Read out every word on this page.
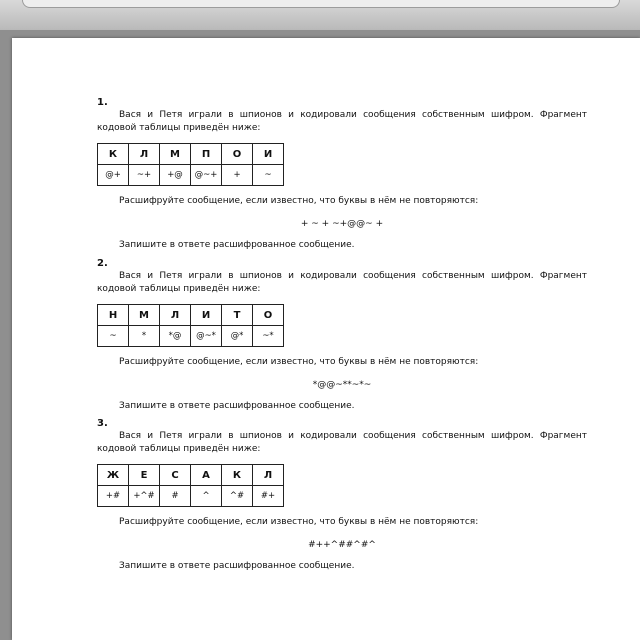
1.

Вася и Петя играли в шпионов и кодировали сообщения собственным шифром. Фрагмент кодовой таблицы приведён ниже:

К	Л	М	П	О	И
@+	~+	+@	@~+	+	~
Расшифруйте сообщение, если известно, что буквы в нём не повторяются:
+ ~ + ~+@@~ +
Запишите в ответе расшифрованное сообщение.
2.

Вася и Петя играли в шпионов и кодировали сообщения собственным шифром. Фрагмент кодовой таблицы приведён ниже:

Н	М	Л	И	Т	О
~	*	*@	@~*	@*	~*
Расшифруйте сообщение, если известно, что буквы в нём не повторяются:
*@@~**~*~
Запишите в ответе расшифрованное сообщение.
3.

Вася и Петя играли в шпионов и кодировали сообщения собственным шифром. Фрагмент кодовой таблицы приведён ниже:

Ж	Е	С	А	К	Л
+#	+^#	#	^	^#	#+
Расшифруйте сообщение, если известно, что буквы в нём не повторяются:
#++^##^#^
Запишите в ответе расшифрованное сообщение.
